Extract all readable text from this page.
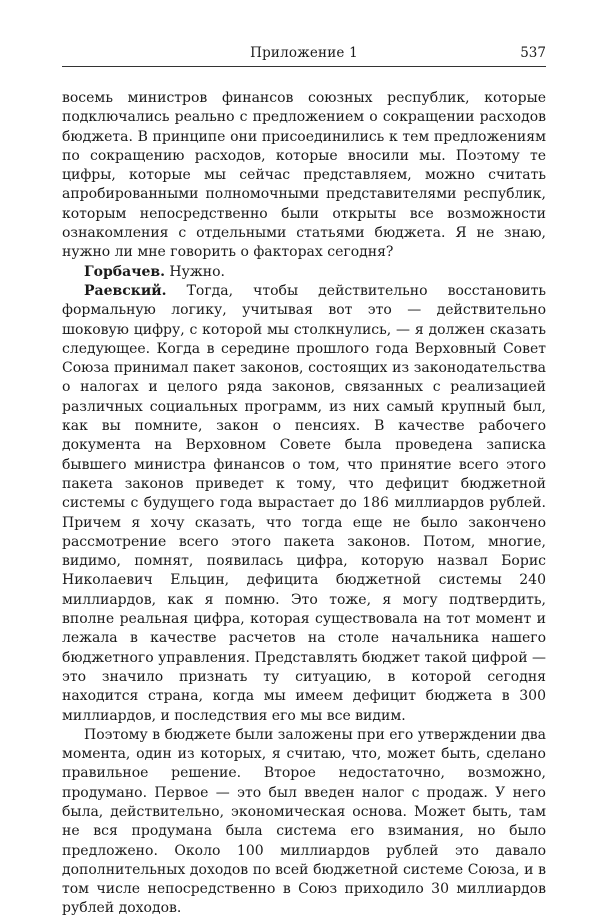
Приложение 1	537

восемь министров финансов союзных республик, которые подключались реально с предложением о сокращении расходов бюджета. В принципе они присоединились к тем предложениям по сокращению расходов, которые вносили мы. Поэтому те цифры, которые мы сейчас представляем, можно считать апробированными полномочными представителями республик, которым непосредственно были открыты все возможности ознакомления с отдельными статьями бюджета. Я не знаю, нужно ли мне говорить о факторах сегодня?

Горбачев. Нужно.

Раевский. Тогда, чтобы действительно восстановить формальную логику, учитывая вот это — действительно шоковую цифру, с которой мы столкнулись, — я должен сказать следующее. Когда в середине прошлого года Верховный Совет Союза принимал пакет законов, состоящих из законодательства о налогах и целого ряда законов, связанных с реализацией различных социальных программ, из них самый крупный был, как вы помните, закон о пенсиях. В качестве рабочего документа на Верховном Совете была проведена записка бывшего министра финансов о том, что принятие всего этого пакета законов приведет к тому, что дефицит бюджетной системы с будущего года вырастает до 186 миллиардов рублей. Причем я хочу сказать, что тогда еще не было закончено рассмотрение всего этого пакета законов. Потом, многие, видимо, помнят, появилась цифра, которую назвал Борис Николаевич Ельцин, дефицита бюджетной системы 240 миллиардов, как я помню. Это тоже, я могу подтвердить, вполне реальная цифра, которая существовала на тот момент и лежала в качестве расчетов на столе начальника нашего бюджетного управления. Представлять бюджет такой цифрой — это значило признать ту ситуацию, в которой сегодня находится страна, когда мы имеем дефицит бюджета в 300 миллиардов, и последствия его мы все видим.

Поэтому в бюджете были заложены при его утверждении два момента, один из которых, я считаю, что, может быть, сделано правильное решение. Второе недостаточно, возможно, продумано. Первое — это был введен налог с продаж. У него была, действительно, экономическая основа. Может быть, там не вся продумана была система его взимания, но было предложено. Около 100 миллиардов рублей это давало дополнительных доходов по всей бюджетной системе Союза, и в том числе непосредственно в Союз приходило 30 миллиардов рублей доходов.
